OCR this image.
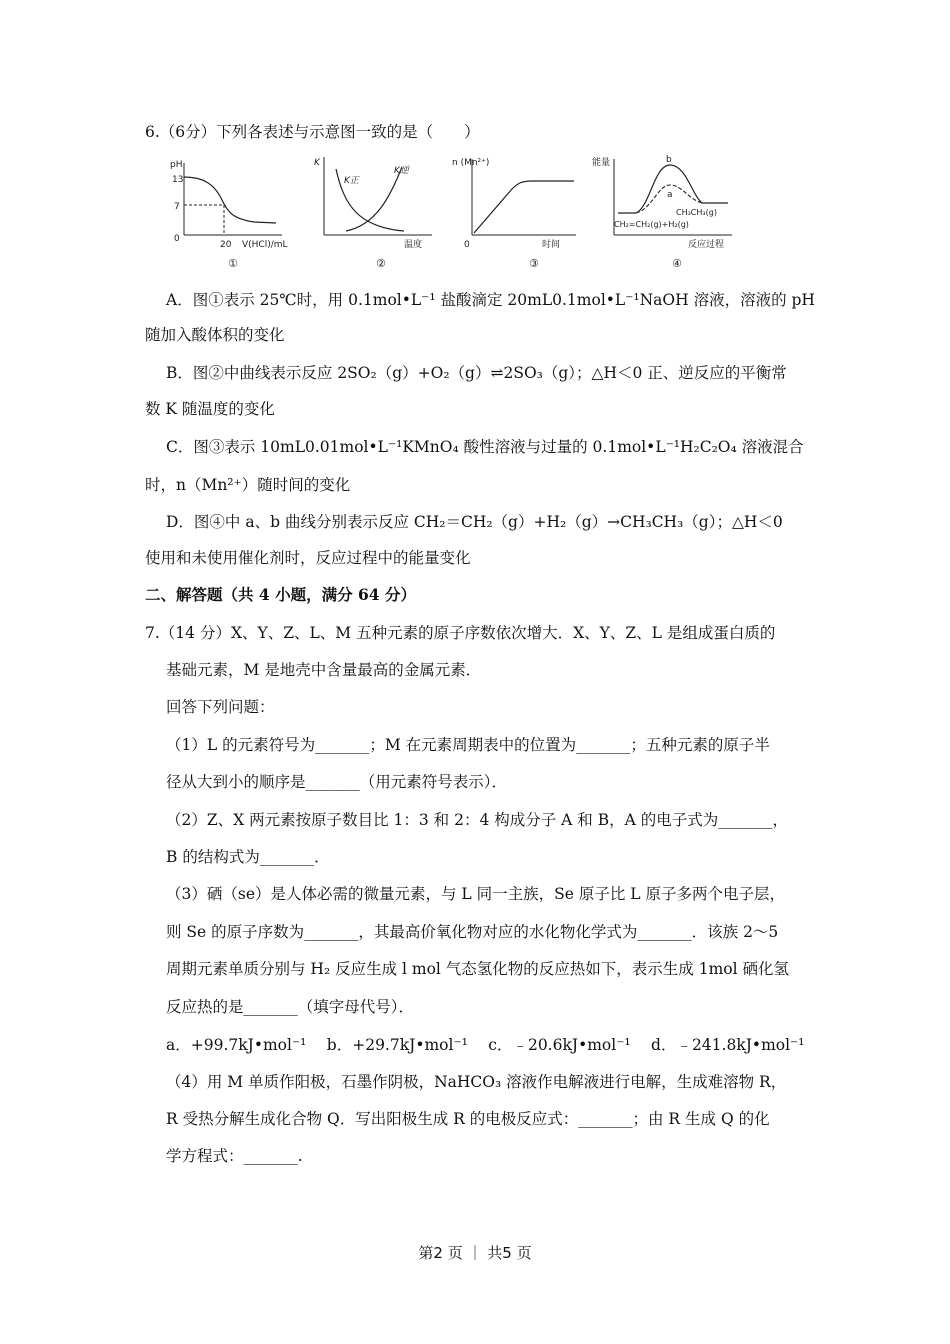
6.（6分）下列各表述与示意图一致的是（　　）
pH
13
7
0
20 V(HCl)/mL
①
K
K正
K逆
温度
②
n (Mn²⁺)
0	时间
③
能量	b
a
CH₃CH₃(g)
CH₂=CH₂(g)+H₂(g)
反应过程
④
A．图①表示 25℃时，用 0.1mol•L⁻¹ 盐酸滴定 20mL0.1mol•L⁻¹NaOH 溶液，溶液的 pH
随加入酸体积的变化
B．图②中曲线表示反应 2SO₂（g）+O₂（g）⇌2SO₃（g）；△H＜0 正、逆反应的平衡常
数 K 随温度的变化
C．图③表示 10mL0.01mol•L⁻¹KMnO₄ 酸性溶液与过量的 0.1mol•L⁻¹H₂C₂O₄ 溶液混合
时，n（Mn²⁺）随时间的变化
D．图④中 a、b 曲线分别表示反应 CH₂＝CH₂（g）+H₂（g）→CH₃CH₃（g）；△H＜0
使用和未使用催化剂时，反应过程中的能量变化
二、解答题（共 4 小题，满分 64 分）
7.（14 分）X、Y、Z、L、M 五种元素的原子序数依次增大．X、Y、Z、L 是组成蛋白质的
基础元素，M 是地壳中含量最高的金属元素．
回答下列问题：
（1）L 的元素符号为_______；M 在元素周期表中的位置为_______；五种元素的原子半
径从大到小的顺序是_______（用元素符号表示）．
（2）Z、X 两元素按原子数目比 1：3 和 2：4 构成分子 A 和 B，A 的电子式为_______，
B 的结构式为_______．
（3）硒（se）是人体必需的微量元素，与 L 同一主族，Se 原子比 L 原子多两个电子层，
则 Se 的原子序数为_______，其最高价氧化物对应的水化物化学式为_______．该族 2～5
周期元素单质分别与 H₂ 反应生成 l mol 气态氢化物的反应热如下，表示生成 1mol 硒化氢
反应热的是_______（填字母代号）．
a．+99.7kJ•mol⁻¹　 b．+29.7kJ•mol⁻¹　 c．﹣20.6kJ•mol⁻¹　 d．﹣241.8kJ•mol⁻¹
（4）用 M 单质作阳极，石墨作阴极，NaHCO₃ 溶液作电解液进行电解，生成难溶物 R，
R 受热分解生成化合物 Q．写出阳极生成 R 的电极反应式：_______；由 R 生成 Q 的化
学方程式：_______.
第2 页 ｜ 共5 页
